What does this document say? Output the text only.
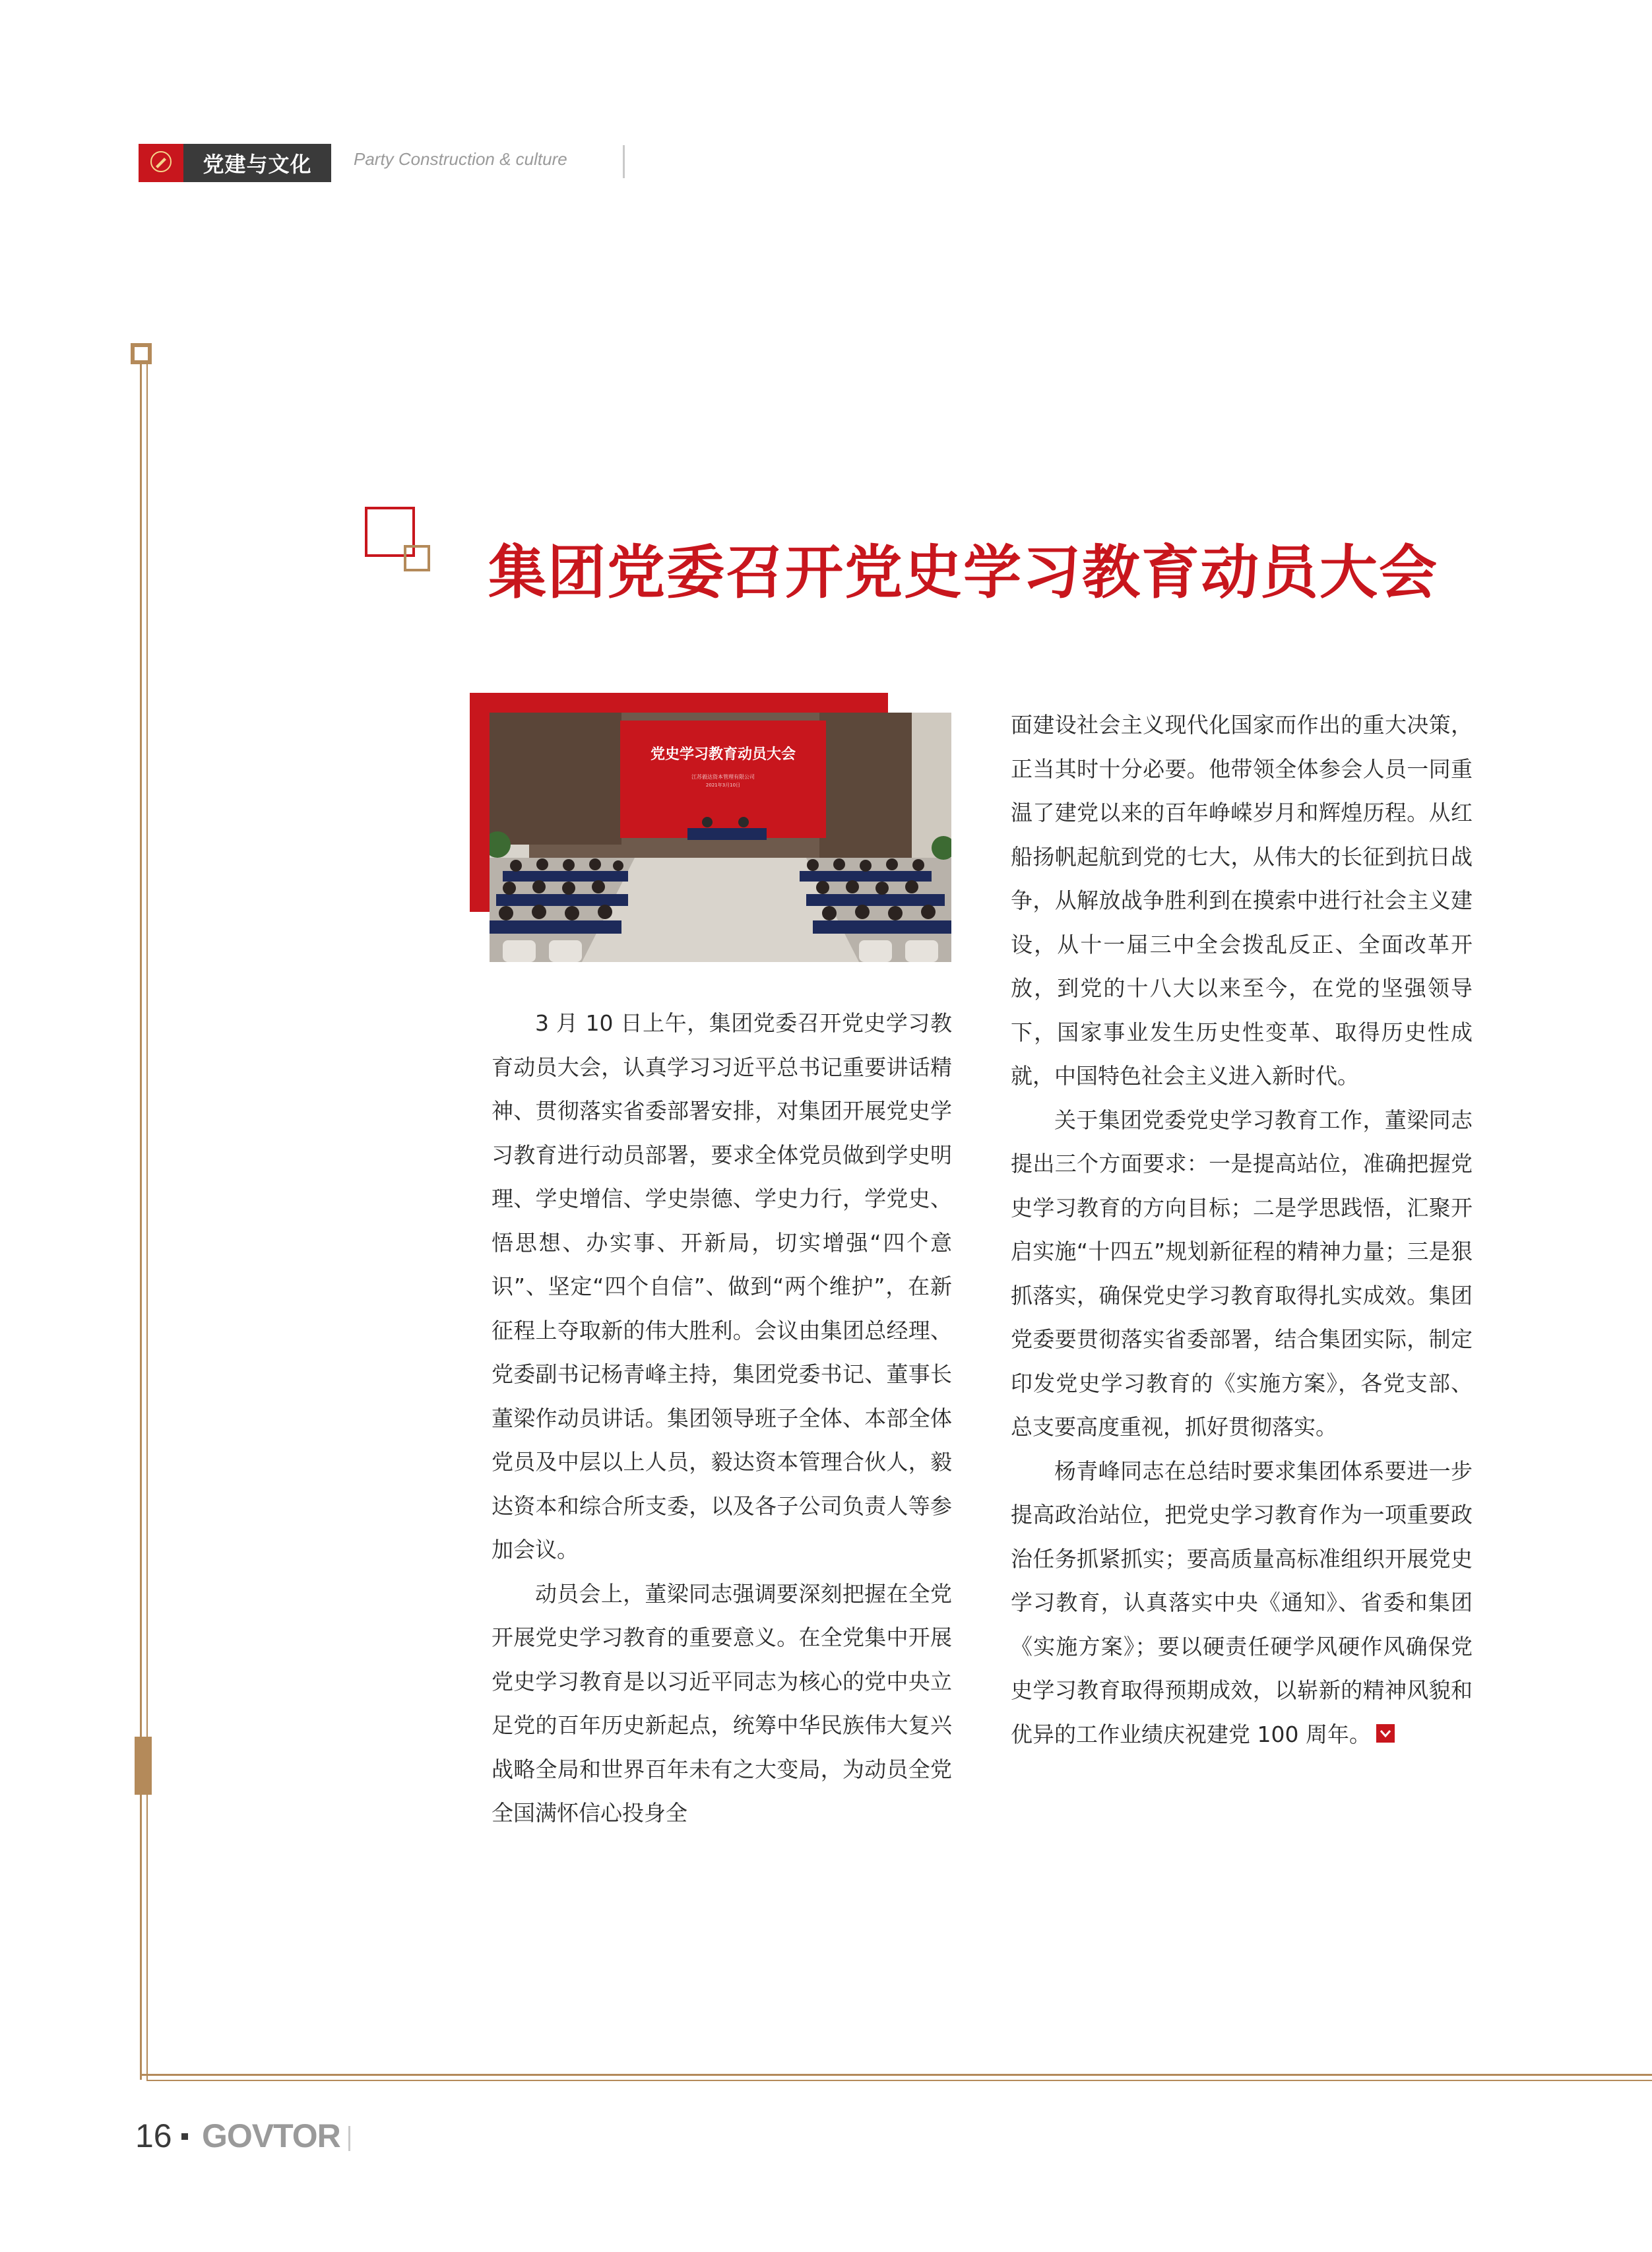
党建与文化	Party Construction & culture
集团党委召开党史学习教育动员大会
党史学习教育动员大会
江苏毅达资本管理有限公司
2021年3月10日

3 月 10 日上午，集团党委召开党史学习教育动员大会，认真学习习近平总书记重要讲话精神、贯彻落实省委部署安排，对集团开展党史学习教育进行动员部署，要求全体党员做到学史明理、学史增信、学史崇德、学史力行，学党史、悟思想、办实事、开新局，切实增强“四个意识”、坚定“四个自信”、做到“两个维护”，在新征程上夺取新的伟大胜利。会议由集团总经理、党委副书记杨青峰主持，集团党委书记、董事长董梁作动员讲话。集团领导班子全体、本部全体党员及中层以上人员，毅达资本管理合伙人，毅达资本和综合所支委，以及各子公司负责人等参加会议。

动员会上，董梁同志强调要深刻把握在全党开展党史学习教育的重要意义。在全党集中开展党史学习教育是以习近平同志为核心的党中央立足党的百年历史新起点，统筹中华民族伟大复兴战略全局和世界百年未有之大变局，为动员全党全国满怀信心投身全

面建设社会主义现代化国家而作出的重大决策，正当其时十分必要。他带领全体参会人员一同重温了建党以来的百年峥嵘岁月和辉煌历程。从红船扬帆起航到党的七大，从伟大的长征到抗日战争，从解放战争胜利到在摸索中进行社会主义建设，从十一届三中全会拨乱反正、全面改革开放，到党的十八大以来至今，在党的坚强领导下，国家事业发生历史性变革、取得历史性成就，中国特色社会主义进入新时代。

关于集团党委党史学习教育工作，董梁同志提出三个方面要求：一是提高站位，准确把握党史学习教育的方向目标；二是学思践悟，汇聚开启实施“十四五”规划新征程的精神力量；三是狠抓落实，确保党史学习教育取得扎实成效。集团党委要贯彻落实省委部署，结合集团实际，制定印发党史学习教育的《实施方案》，各党支部、总支要高度重视，抓好贯彻落实。

杨青峰同志在总结时要求集团体系要进一步提高政治站位，把党史学习教育作为一项重要政治任务抓紧抓实；要高质量高标准组织开展党史学习教育，认真落实中央《通知》、省委和集团《实施方案》；要以硬责任硬学风硬作风确保党史学习教育取得预期成效，以崭新的精神风貌和优异的工作业绩庆祝建党 100 周年。

16 GOVTOR
